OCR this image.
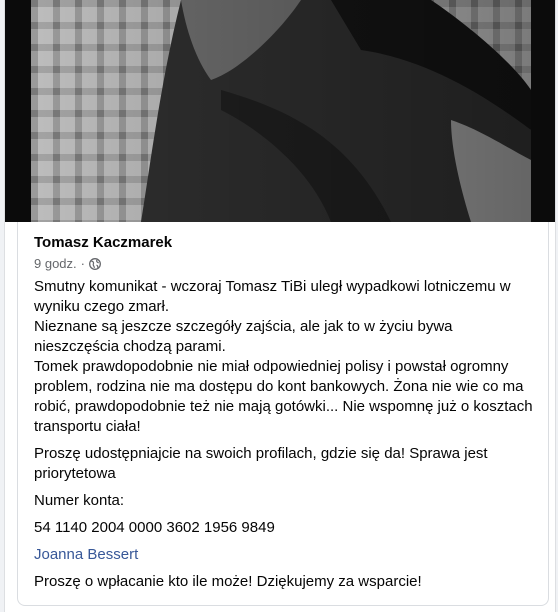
Tomasz Kaczmarek
9 godz. ·
Smutny komunikat - wczoraj Tomasz TiBi uległ wypadkowi lotniczemu w wyniku czego zmarł.
Nieznane są jeszcze szczegóły zajścia, ale jak to w życiu bywa nieszczęścia chodzą parami.
Tomek prawdopodobnie nie miał odpowiedniej polisy i powstał ogromny problem, rodzina nie ma dostępu do kont bankowych. Żona nie wie co ma robić, prawdopodobnie też nie mają gotówki... Nie wspomnę już o kosztach transportu ciała!
Proszę udostępniajcie na swoich profilach, gdzie się da! Sprawa jest priorytetowa
Numer konta:
54 1140 2004 0000 3602 1956 9849
Joanna Bessert
Proszę o wpłacanie kto ile może! Dziękujemy za wsparcie!
